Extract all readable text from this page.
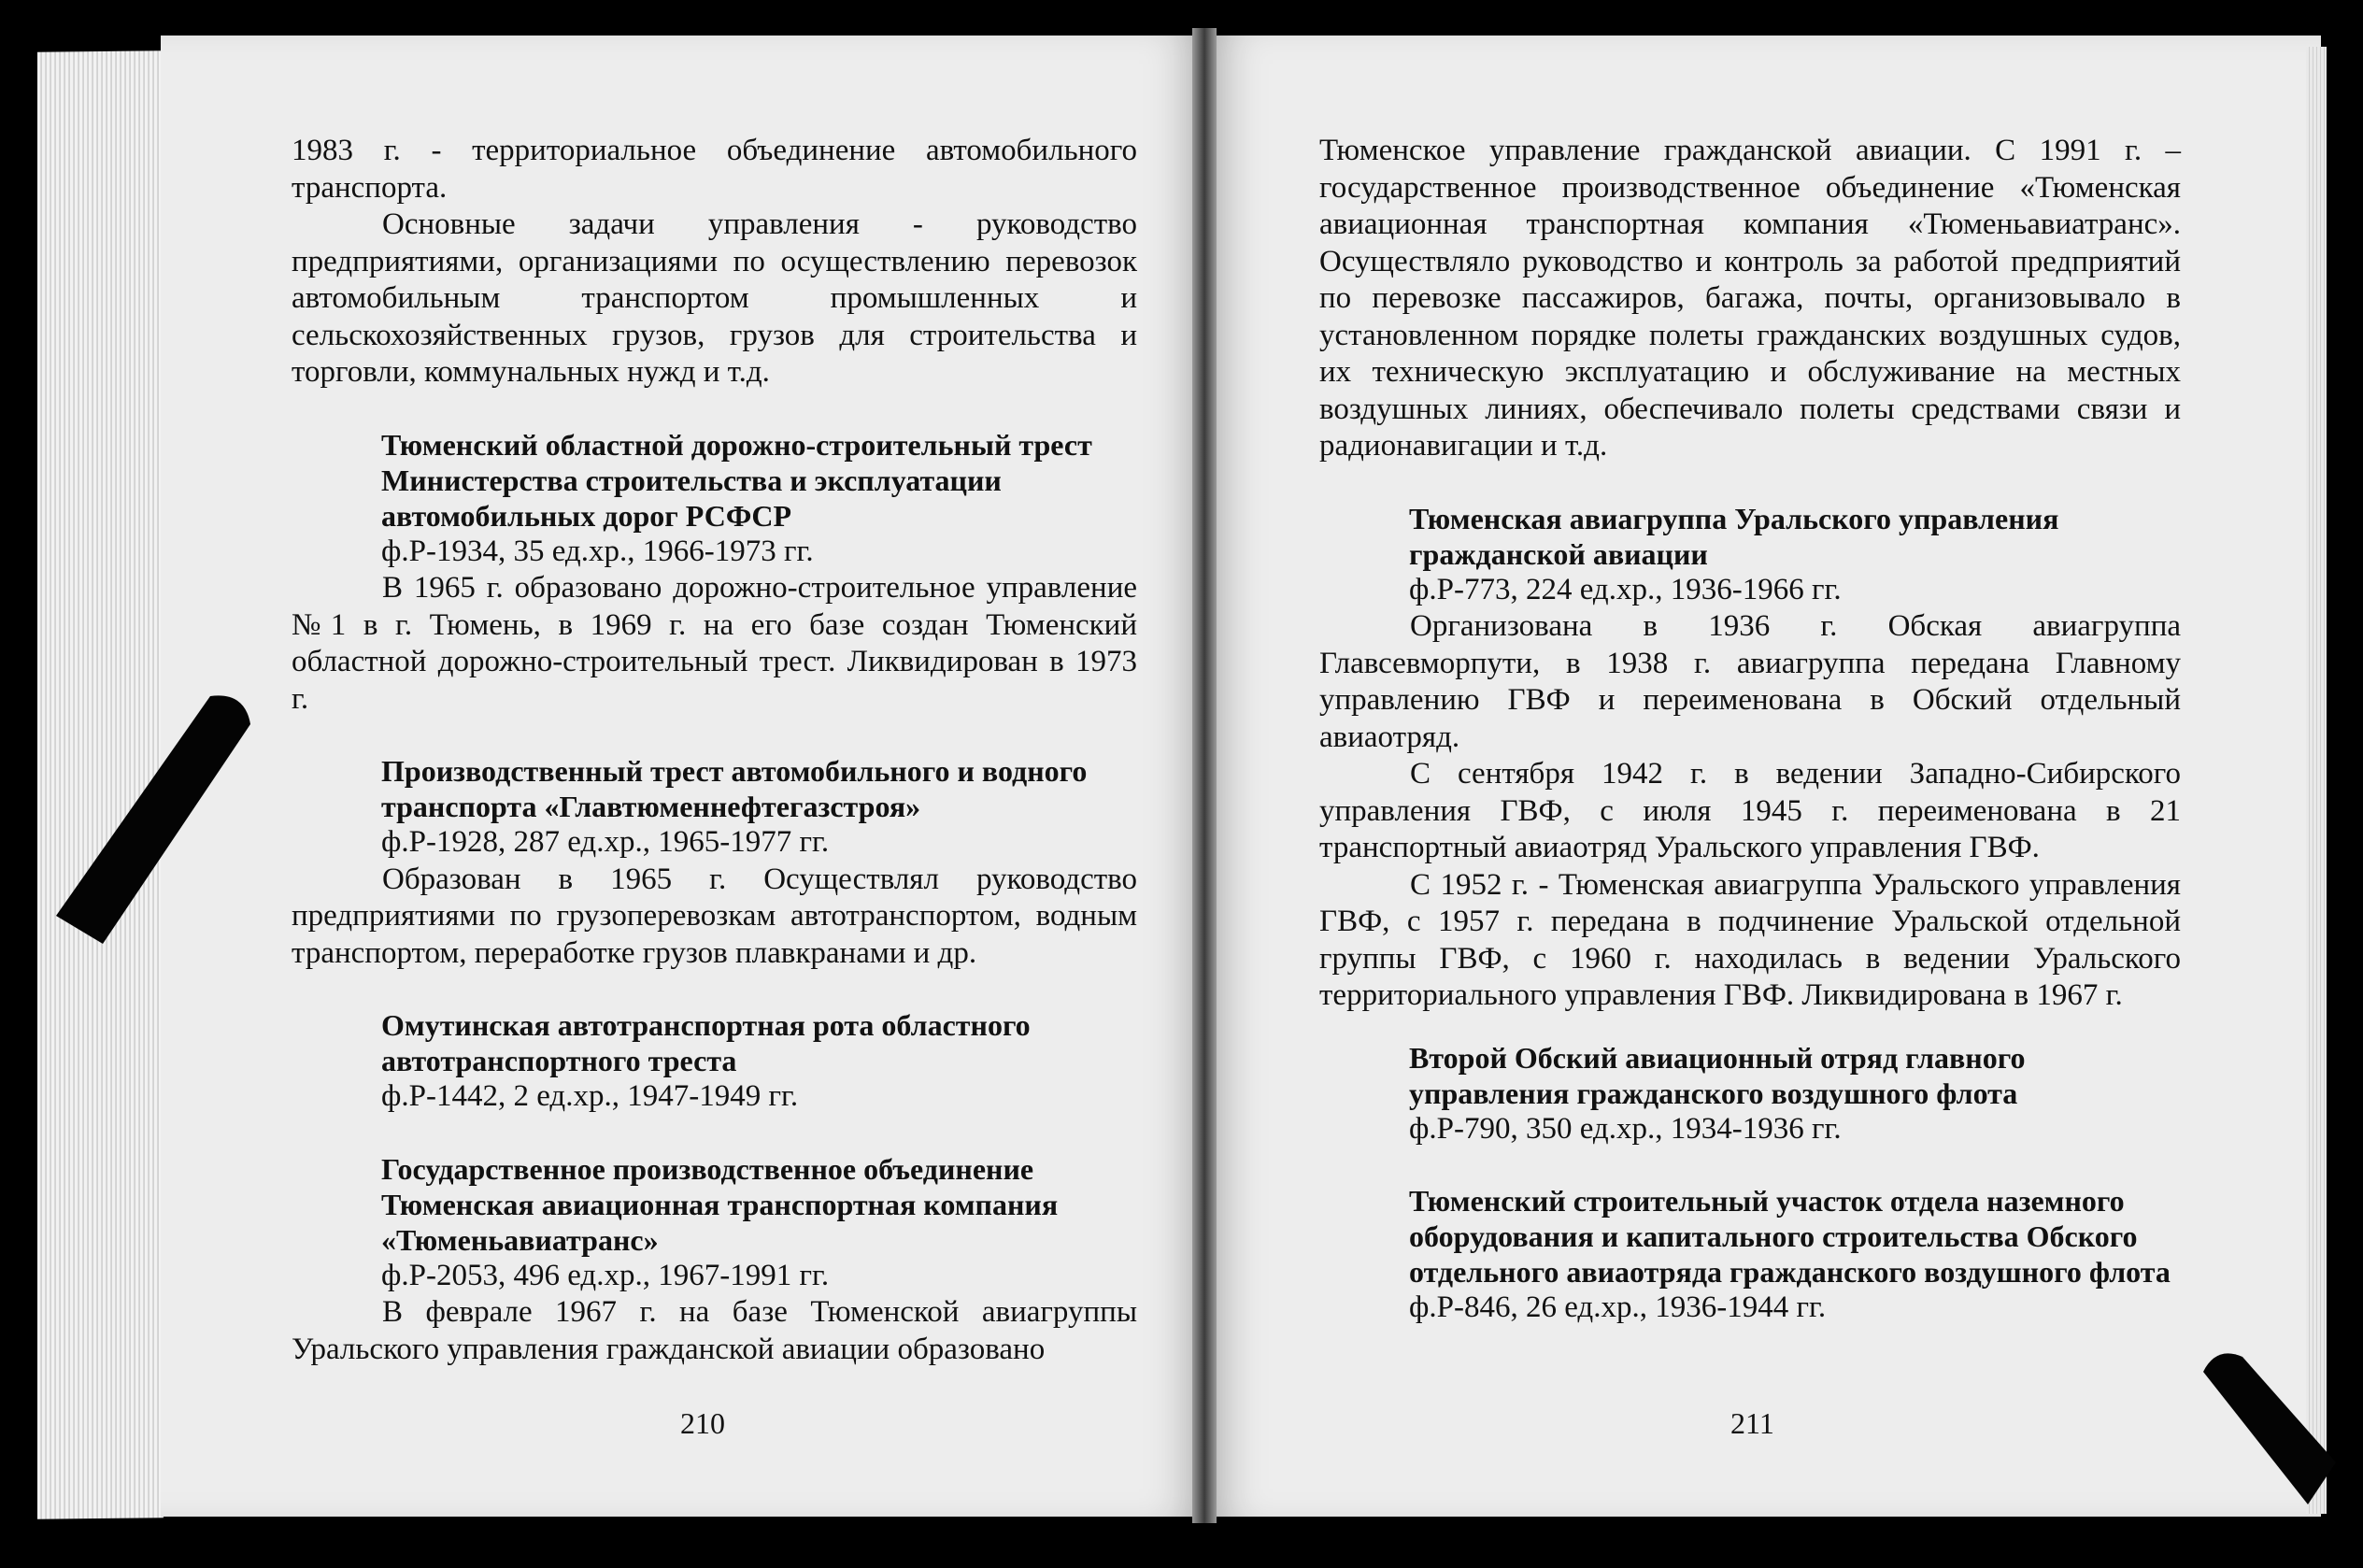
1983 г. - территориальное объединение автомобильного транспорта.

Основные задачи управления - руководство предприятиями, организациями по осуществлению перевозок автомобильным транспортом промышленных и сельскохозяйственных грузов, грузов для строительства и торговли, коммунальных нужд и т.д.

Тюменский областной дорожно-строительный трест Министерства строительства и эксплуатации автомобильных дорог РСФСР

ф.Р-1934, 35 ед.хр., 1966-1973 гг.

В 1965 г. образовано дорожно-строительное управление №1 в г. Тюмень, в 1969 г. на его базе создан Тюменский областной дорожно-строительный трест. Ликвидирован в 1973 г.

Производственный трест автомобильного и водного транспорта «Главтюменнефтегазстроя»

ф.Р-1928, 287 ед.хр., 1965-1977 гг.

Образован в 1965 г. Осуществлял руководство предприятиями по грузоперевозкам автотранспортом, водным транспортом, переработке грузов плавкранами и др.

Омутинская автотранспортная рота областного автотранспортного треста

ф.Р-1442, 2 ед.хр., 1947-1949 гг.

Государственное производственное объединение Тюменская авиационная транспортная компания «Тюменьавиатранс»

ф.Р-2053, 496 ед.хр., 1967-1991 гг.

В феврале 1967 г. на базе Тюменской авиагруппы Уральского управления гражданской авиации образовано

210

Тюменское управление гражданской авиации. С 1991 г. – государственное производственное объединение «Тюменская авиационная транспортная компания «Тюменьавиатранс». Осуществляло руководство и контроль за работой предприятий по перевозке пассажиров, багажа, почты, организовывало в установленном порядке полеты гражданских воздушных судов, их техническую эксплуатацию и обслуживание на местных воздушных линиях, обеспечивало полеты средствами связи и радионавигации и т.д.

Тюменская авиагруппа Уральского управления гражданской авиации

ф.Р-773, 224 ед.хр., 1936-1966 гг.

Организована в 1936 г. Обская авиагруппа Главсевморпути, в 1938 г. авиагруппа передана Главному управлению ГВФ и переименована в Обский отдельный авиаотряд.

С сентября 1942 г. в ведении Западно-Сибирского управления ГВФ, с июля 1945 г. переименована в 21 транспортный авиаотряд Уральского управления ГВФ.

С 1952 г. - Тюменская авиагруппа Уральского управления ГВФ, с 1957 г. передана в подчинение Уральской отдельной группы ГВФ, с 1960 г. находилась в ведении Уральского территориального управления ГВФ. Ликвидирована в 1967 г.

Второй Обский авиационный отряд главного управления гражданского воздушного флота

ф.Р-790, 350 ед.хр., 1934-1936 гг.

Тюменский строительный участок отдела наземного оборудования и капитального строительства Обского отдельного авиаотряда гражданского воздушного флота

ф.Р-846, 26 ед.хр., 1936-1944 гг.

211
